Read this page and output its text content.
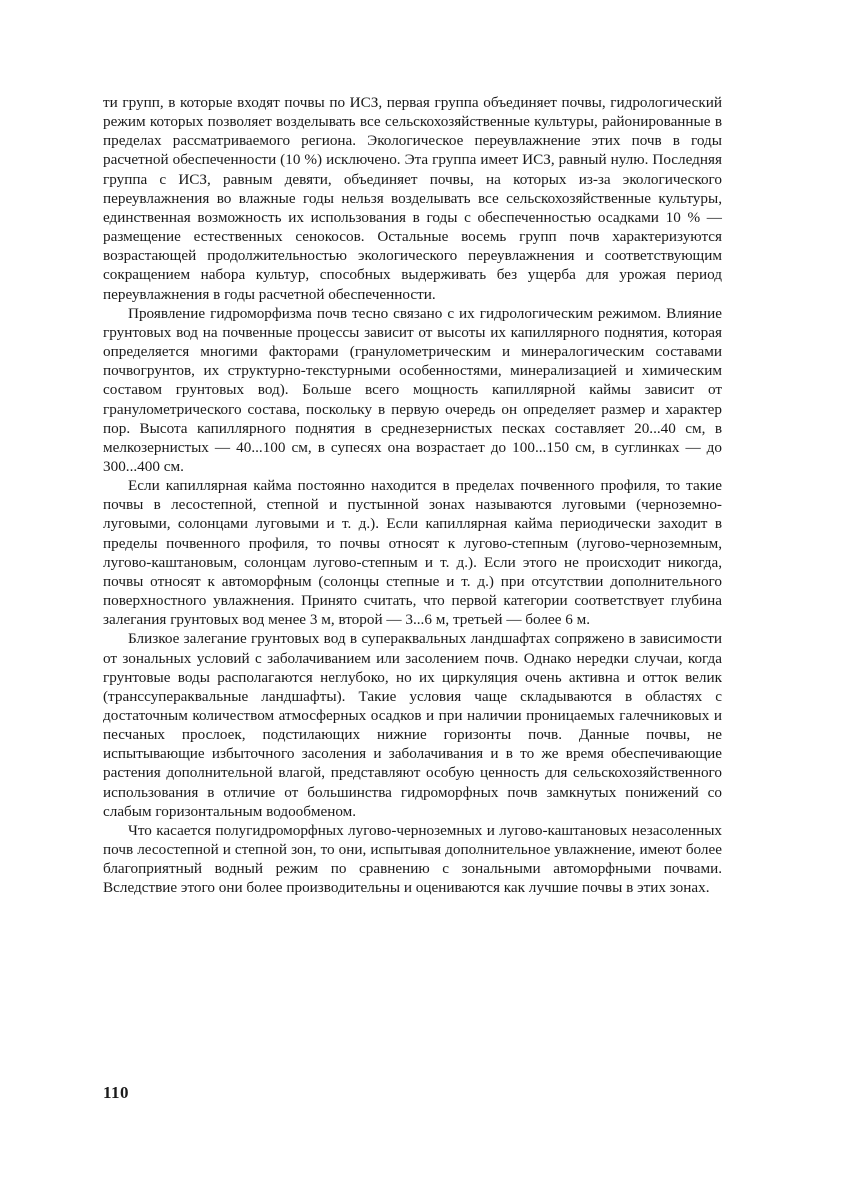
ти групп, в которые входят почвы по ИСЗ, первая группа объединяет почвы, гидрологический режим которых позволяет возделывать все сельскохозяйственные культуры, районированные в пределах рассматриваемого региона. Экологическое переувлажнение этих почв в годы расчетной обеспеченности (10 %) исключено. Эта группа имеет ИСЗ, равный нулю. Последняя группа с ИСЗ, равным девяти, объединяет почвы, на которых из-за экологического переувлажнения во влажные годы нельзя возделывать все сельскохозяйственные культуры, единственная возможность их использования в годы с обеспеченностью осадками 10 % — размещение естественных сенокосов. Остальные восемь групп почв характеризуются возрастающей продолжительностью экологического переувлажнения и соответствующим сокращением набора культур, способных выдерживать без ущерба для урожая период переувлажнения в годы расчетной обеспеченности.

Проявление гидроморфизма почв тесно связано с их гидрологическим режимом. Влияние грунтовых вод на почвенные процессы зависит от высоты их капиллярного поднятия, которая определяется многими факторами (гранулометрическим и минералогическим составами почвогрунтов, их структурно-текстурными особенностями, минерализацией и химическим составом грунтовых вод). Больше всего мощность капиллярной каймы зависит от гранулометрического состава, поскольку в первую очередь он определяет размер и характер пор. Высота капиллярного поднятия в среднезернистых песках составляет 20...40 см, в мелкозернистых — 40...100 см, в супесях она возрастает до 100...150 см, в суглинках — до 300...400 см.

Если капиллярная кайма постоянно находится в пределах почвенного профиля, то такие почвы в лесостепной, степной и пустынной зонах называются луговыми (черноземно-луговыми, солонцами луговыми и т. д.). Если капиллярная кайма периодически заходит в пределы почвенного профиля, то почвы относят к лугово-степным (лугово-черноземным, лугово-каштановым, солонцам лугово-степным и т. д.). Если этого не происходит никогда, почвы относят к автоморфным (солонцы степные и т. д.) при отсутствии дополнительного поверхностного увлажнения. Принято считать, что первой категории соответствует глубина залегания грунтовых вод менее 3 м, второй — 3...6 м, третьей — более 6 м.

Близкое залегание грунтовых вод в супераквальных ландшафтах сопряжено в зависимости от зональных условий с заболачиванием или засолением почв. Однако нередки случаи, когда грунтовые воды располагаются неглубоко, но их циркуляция очень активна и отток велик (транссупераквальные ландшафты). Такие условия чаще складываются в областях с достаточным количеством атмосферных осадков и при наличии проницаемых галечниковых и песчаных прослоек, подстилающих нижние горизонты почв. Данные почвы, не испытывающие избыточного засоления и заболачивания и в то же время обеспечивающие растения дополнительной влагой, представляют особую ценность для сельскохозяйственного использования в отличие от большинства гидроморфных почв замкнутых понижений со слабым горизонтальным водообменом.

Что касается полугидроморфных лугово-черноземных и лугово-каштановых незасоленных почв лесостепной и степной зон, то они, испытывая дополнительное увлажнение, имеют более благоприятный водный режим по сравнению с зональными автоморфными почвами. Вследствие этого они более производительны и оцениваются как лучшие почвы в этих зонах.

110
